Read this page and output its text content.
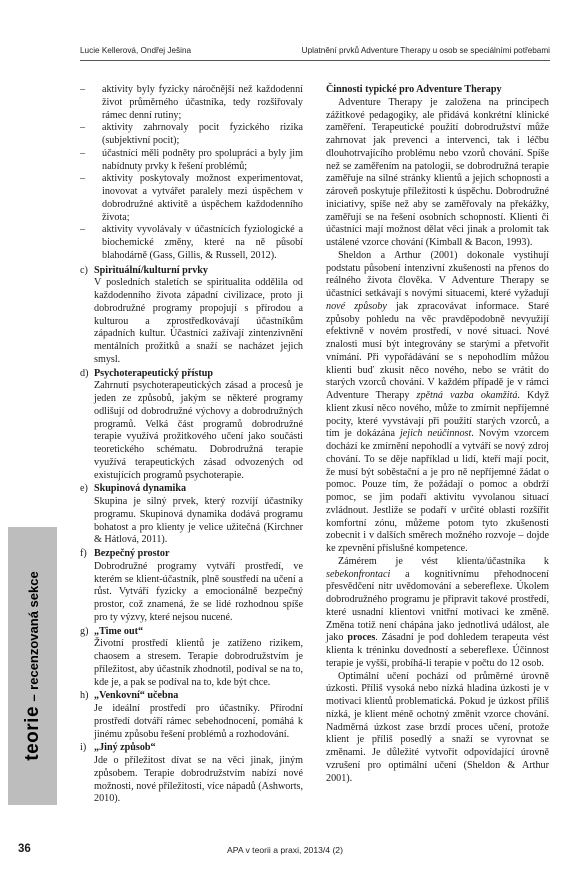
Lucie Kellerová, Ondřej Ješina	Uplatnění prvků Adventure Therapy u osob se speciálními potřebami
– aktivity byly fyzicky náročnější než každodenní život průměrného účastníka, tedy rozšiřovaly rámec denní rutiny;
– aktivity zahrnovaly pocit fyzického rizika (subjektivní pocit);
– účastníci měli podněty pro spolupráci a byly jim nabídnuty prvky k řešení problémů;
– aktivity poskytovaly možnost experimentovat, inovovat a vytvářet paralely mezi úspěchem v dobrodružné aktivitě a úspěchem každodenního života;
– aktivity vyvolávaly v účastnících fyziologické a biochemické změny, které na ně působí blahodárně (Gass, Gillis, & Russell, 2012).
c) Spirituální/kulturní prvky

V posledních staletích se spiritualita oddělila od každodenního života západní civilizace, proto ji dobrodružné programy propojují s přírodou a kulturou a zprostředkovávají účastníkům západních kultur. Účastníci zažívají zintenzivnění mentálních prožitků a snaží se nacházet jejich smysl.

d) Psychoterapeutický přístup

Zahrnutí psychoterapeutických zásad a procesů je jeden ze způsobů, jakým se některé programy odlišují od dobrodružné výchovy a dobrodružných programů. Velká část programů dobrodružné terapie využívá prožitkového učení jako součásti teoretického schématu. Dobrodružná terapie využívá terapeutických zásad odvozených od existujících programů psychoterapie.

e) Skupinová dynamika

Skupina je silný prvek, který rozvíjí účastníky programu. Skupinová dynamika dodává programu bohatost a pro klienty je velice užitečná (Kirchner & Hátlová, 2011).

f) Bezpečný prostor

Dobrodružné programy vytváří prostředí, ve kterém se klient-účastník, plně soustředí na učení a růst. Vytváří fyzicky a emocionálně bezpečný prostor, což znamená, že se lidé rozhodnou spíše pro ty výzvy, které nejsou nucené.

g) „Time out“

Životní prostředí klientů je zatíženo rizikem, chaosem a stresem. Terapie dobrodružstvím je příležitost, aby účastník zhodnotil, podíval se na to, kde je, a pak se podíval na to, kde být chce.

h) „Venkovní“ učebna

Je ideální prostředí pro účastníky. Přírodní prostředí dotváří rámec sebehodnocení, pomáhá k jinému způsobu řešení problémů a rozhodování.

i) „Jiný způsob“

Jde o příležitost dívat se na věci jinak, jiným způsobem. Terapie dobrodružstvím nabízí nové možnosti, nové příležitosti, více nápadů (Ashworts, 2010).

Činnosti typické pro Adventure Therapy

Adventure Therapy je založena na principech zážitkové pedagogiky, ale přidává konkrétní klinické zaměření. Terapeutické použití dobrodružství může zahrnovat jak prevenci a intervenci, tak i léčbu dlouhotrvajícího problému nebo vzorů chování. Spíše než se zaměřením na patologii, se dobrodružná terapie zaměřuje na silné stránky klientů a jejich schopnosti a zároveň poskytuje příležitosti k úspěchu. Dobrodružné iniciativy, spíše než aby se zaměřovaly na překážky, zaměřují se na řešení osobních schopností. Klienti či účastníci mají možnost dělat věci jinak a prolomit tak ustálené vzorce chování (Kimball & Bacon, 1993).

Sheldon a Arthur (2001) dokonale vystihují podstatu působení intenzivní zkušenosti na přenos do reálného života člověka. V Adventure Therapy se účastníci setkávají s novými situacemi, které vyžadují nové způsoby jak zpracovávat informace. Staré způsoby pohledu na věc pravděpodobně nevyužijí efektivně v novém prostředí, v nové situaci. Nové znalosti musí být integrovány se starými a přetvořit vnímání. Při vypořádávání se s nepohodlím můžou klienti buď zkusit něco nového, nebo se vrátit do starých vzorců chování. V každém případě je v rámci Adventure Therapy zpětná vazba okamžitá. Když klient zkusí něco nového, může to zmírnit nepříjemné pocity, které vyvstávají při použití starých vzorců, a tím je dokázána jejich neúčinnost. Novým vzorcem dochází ke zmírnění nepohodlí a vytváří se nový zdroj chování. To se děje například u lidí, kteří mají pocit, že musí být soběstační a je pro ně nepříjemné žádat o pomoc. Pouze tím, že požádají o pomoc a obdrží pomoc, se jim podaří aktivitu vyvolanou situací zvládnout. Jestliže se podaří v určité oblasti rozšířit komfortní zónu, můžeme potom tyto zkušenosti zobecnit i v dalších směrech možného rozvoje – dojde ke zpevnění příslušné kompetence.

Zámérem je vést klienta/účastníka k sebekonfrontaci a kognitivnímu přehodnocení přesvědčení nitr uvědomování a sebereflexe. Úkolem dobrodružného programu je připravit takové prostředí, které usnadní klientovi vnitřní motivaci ke změně. Změna totiž není chápána jako jednotlivá událost, ale jako proces. Zásadní je pod dohledem terapeuta vést klienta k tréninku dovedností a sebereflexe. Účinnost terapie je vyšší, probíhá-li terapie v počtu do 12 osob.

Optimální učení pochází od průměrné úrovně úzkosti. Příliš vysoká nebo nízká hladina úzkosti je v motivaci klientů problematická. Pokud je úzkost příliš nízká, je klient méně ochotný změnit vzorce chování. Nadměrná úzkost zase brzdí proces učení, protože klient je příliš posedlý a snaží se vyrovnat se změnami. Je důležité vytvořit odpovídající úrovně vzrušení pro optimální učení (Sheldon & Arthur 2001).

teorie – recenzovaná sekce
36	APA v teorii a praxi, 2013/4 (2)
